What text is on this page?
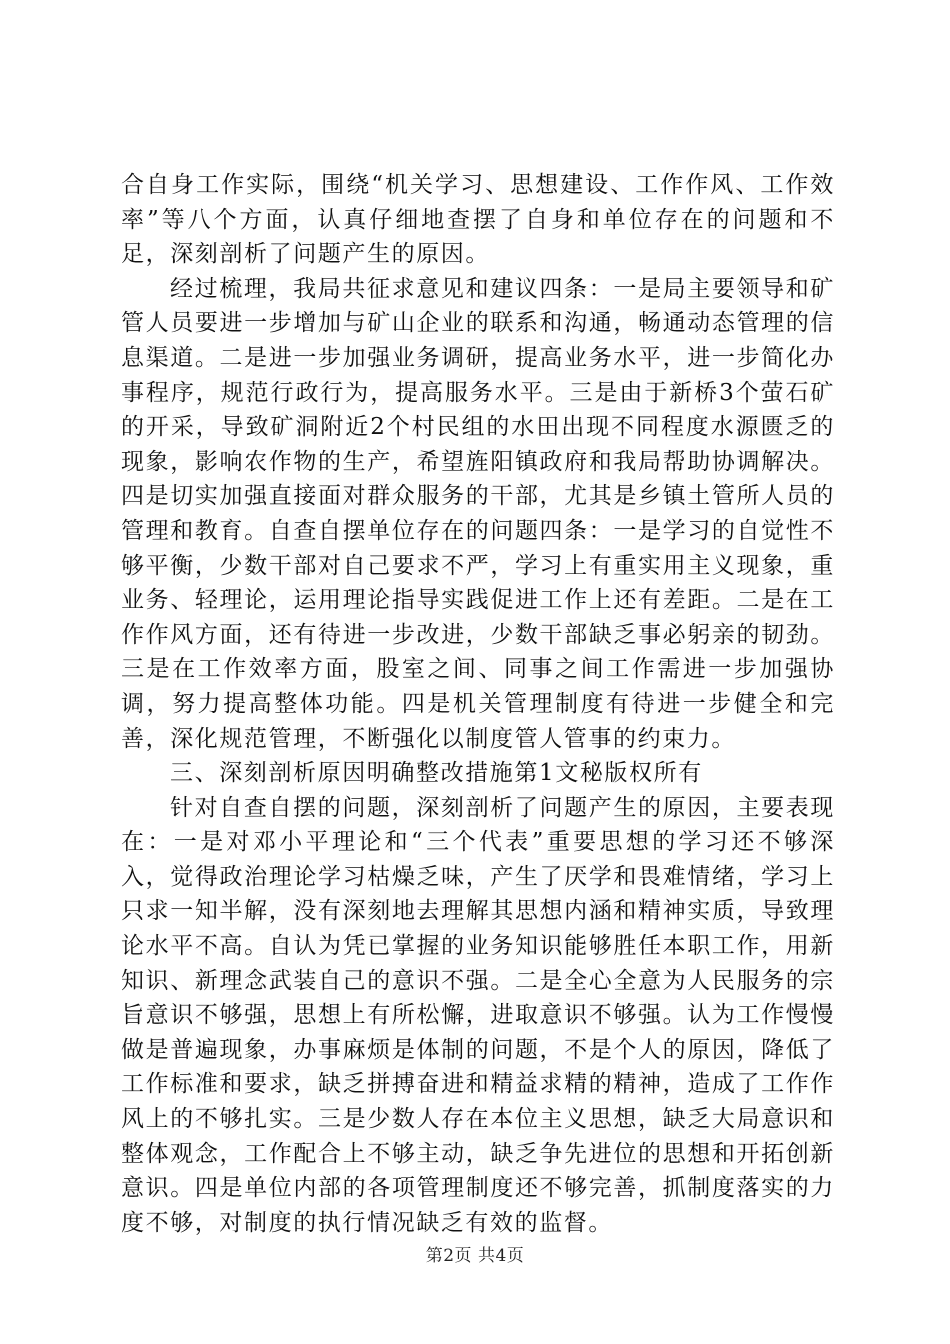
合自身工作实际，围绕“机关学习、思想建设、工作作风、工作效率”等八个方面，认真仔细地查摆了自身和单位存在的问题和不足，深刻剖析了问题产生的原因。

经过梳理，我局共征求意见和建议四条：一是局主要领导和矿管人员要进一步增加与矿山企业的联系和沟通，畅通动态管理的信息渠道。二是进一步加强业务调研，提高业务水平，进一步简化办事程序，规范行政行为，提高服务水平。三是由于新桥3个萤石矿的开采，导致矿洞附近2个村民组的水田出现不同程度水源匮乏的现象，影响农作物的生产，希望旌阳镇政府和我局帮助协调解决。四是切实加强直接面对群众服务的干部，尤其是乡镇土管所人员的管理和教育。自查自摆单位存在的问题四条：一是学习的自觉性不够平衡，少数干部对自己要求不严，学习上有重实用主义现象，重业务、轻理论，运用理论指导实践促进工作上还有差距。二是在工作作风方面，还有待进一步改进，少数干部缺乏事必躬亲的韧劲。三是在工作效率方面，股室之间、同事之间工作需进一步加强协调，努力提高整体功能。四是机关管理制度有待进一步健全和完善，深化规范管理，不断强化以制度管人管事的约束力。

三、深刻剖析原因明确整改措施第1文秘版权所有

针对自查自摆的问题，深刻剖析了问题产生的原因，主要表现在：一是对邓小平理论和“三个代表”重要思想的学习还不够深入，觉得政治理论学习枯燥乏味，产生了厌学和畏难情绪，学习上只求一知半解，没有深刻地去理解其思想内涵和精神实质，导致理论水平不高。自认为凭已掌握的业务知识能够胜任本职工作，用新知识、新理念武装自己的意识不强。二是全心全意为人民服务的宗旨意识不够强，思想上有所松懈，进取意识不够强。认为工作慢慢做是普遍现象，办事麻烦是体制的问题，不是个人的原因，降低了工作标准和要求，缺乏拼搏奋进和精益求精的精神，造成了工作作风上的不够扎实。三是少数人存在本位主义思想，缺乏大局意识和整体观念，工作配合上不够主动，缺乏争先进位的思想和开拓创新意识。四是单位内部的各项管理制度还不够完善，抓制度落实的力度不够，对制度的执行情况缺乏有效的监督。

第2页 共4页
